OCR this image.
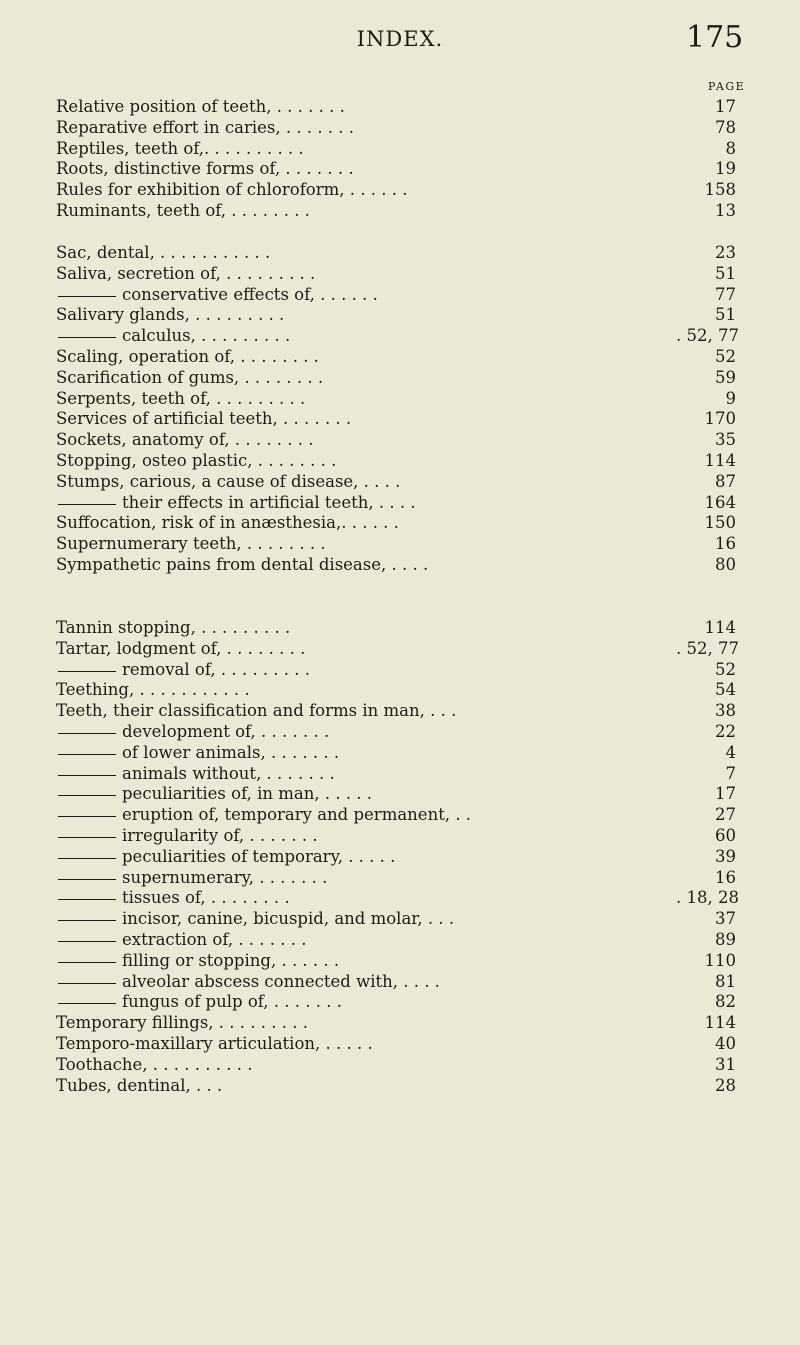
INDEX.	175
PAGE
Relative position of teeth, . . . . . . .	17
Reparative effort in caries, . . . . . . .	78
Reptiles, teeth of,. . . . . . . . . .	8
Roots, distinctive forms of, . . . . . . .	19
Rules for exhibition of chloroform, . . . . . .	158
Ruminants, teeth of, . . . . . . . .	13
Sac, dental, . . . . . . . . . . .	23
Saliva, secretion of, . . . . . . . . .	51
conservative effects of, . . . . . .	77
Salivary glands, . . . . . . . . .	51
calculus, . . . . . . . . .	. 52, 77
Scaling, operation of, . . . . . . . .	52
Scarification of gums, . . . . . . . .	59
Serpents, teeth of, . . . . . . . . .	9
Services of artificial teeth, . . . . . . .	170
Sockets, anatomy of, . . . . . . . .	35
Stopping, osteo plastic, . . . . . . . .	114
Stumps, carious, a cause of disease, . . . .	87
their effects in artificial teeth, . . . .	164
Suffocation, risk of in anæsthesia,. . . . . .	150
Supernumerary teeth, . . . . . . . .	16
Sympathetic pains from dental disease, . . . .	80
Tannin stopping, . . . . . . . . .	114
Tartar, lodgment of, . . . . . . . .	. 52, 77
removal of, . . . . . . . . .	52
Teething, . . . . . . . . . . .	54
Teeth, their classification and forms in man, . . .	38
development of, . . . . . . .	22
of lower animals, . . . . . . .	4
animals without, . . . . . . .	7
peculiarities of, in man, . . . . .	17
eruption of, temporary and permanent, . .	27
irregularity of, . . . . . . .	60
peculiarities of temporary, . . . . .	39
supernumerary, . . . . . . .	16
tissues of, . . . . . . . .	. 18, 28
incisor, canine, bicuspid, and molar, . . .	37
extraction of, . . . . . . .	89
filling or stopping, . . . . . .	110
alveolar abscess connected with, . . . .	81
fungus of pulp of, . . . . . . .	82
Temporary fillings, . . . . . . . . .	114
Temporo-maxillary articulation, . . . . .	40
Toothache, . . . . . . . . . .	31
Tubes, dentinal, . . .	28
